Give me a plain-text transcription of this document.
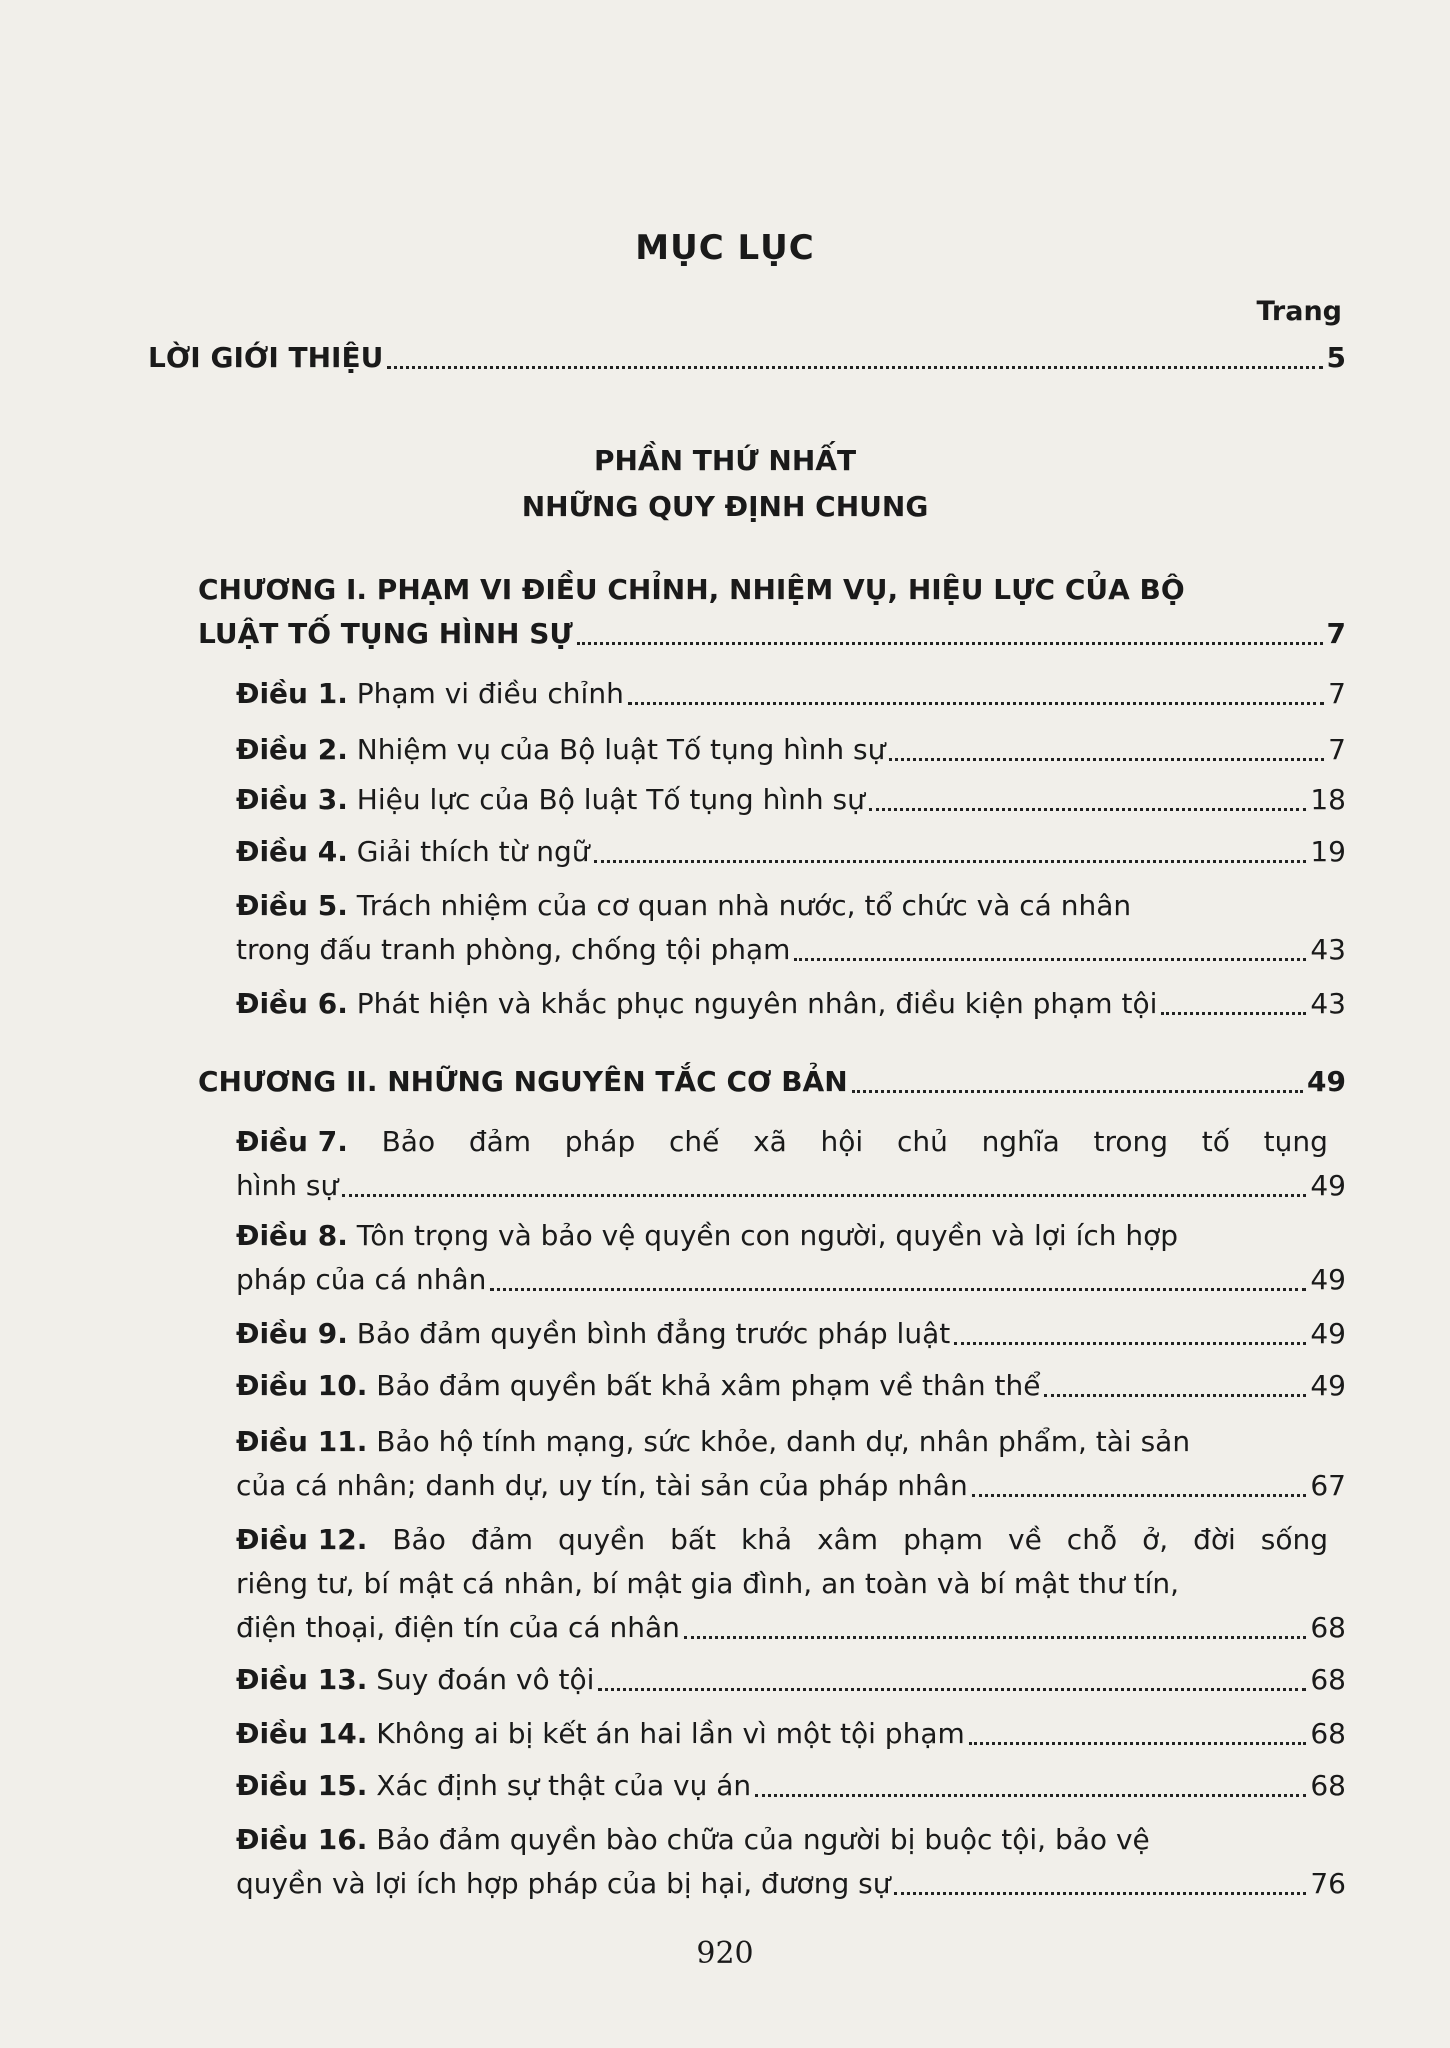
MỤC LỤC
Trang
LỜI GIỚI THIỆU	5
PHẦN THỨ NHẤT
NHỮNG QUY ĐỊNH CHUNG
CHƯƠNG I. PHẠM VI ĐIỀU CHỈNH, NHIỆM VỤ, HIỆU LỰC CỦA BỘ
LUẬT TỐ TỤNG HÌNH SỰ	7
Điều 1. Phạm vi điều chỉnh	7
Điều 2. Nhiệm vụ của Bộ luật Tố tụng hình sự	7
Điều 3. Hiệu lực của Bộ luật Tố tụng hình sự	18
Điều 4. Giải thích từ ngữ	19
Điều 5. Trách nhiệm của cơ quan nhà nước, tổ chức và cá nhân
trong đấu tranh phòng, chống tội phạm	43
Điều 6. Phát hiện và khắc phục nguyên nhân, điều kiện phạm tội	43
CHƯƠNG II. NHỮNG NGUYÊN TẮC CƠ BẢN	49
Điều 7. Bảo đảm pháp chế xã hội chủ nghĩa trong tố tụng
hình sự	49
Điều 8. Tôn trọng và bảo vệ quyền con người, quyền và lợi ích hợp
pháp của cá nhân	49
Điều 9. Bảo đảm quyền bình đẳng trước pháp luật	49
Điều 10. Bảo đảm quyền bất khả xâm phạm về thân thể	49
Điều 11. Bảo hộ tính mạng, sức khỏe, danh dự, nhân phẩm, tài sản
của cá nhân; danh dự, uy tín, tài sản của pháp nhân	67
Điều 12. Bảo đảm quyền bất khả xâm phạm về chỗ ở, đời sống
riêng tư, bí mật cá nhân, bí mật gia đình, an toàn và bí mật thư tín,
điện thoại, điện tín của cá nhân	68
Điều 13. Suy đoán vô tội	68
Điều 14. Không ai bị kết án hai lần vì một tội phạm	68
Điều 15. Xác định sự thật của vụ án	68
Điều 16. Bảo đảm quyền bào chữa của người bị buộc tội, bảo vệ
quyền và lợi ích hợp pháp của bị hại, đương sự	76
920
